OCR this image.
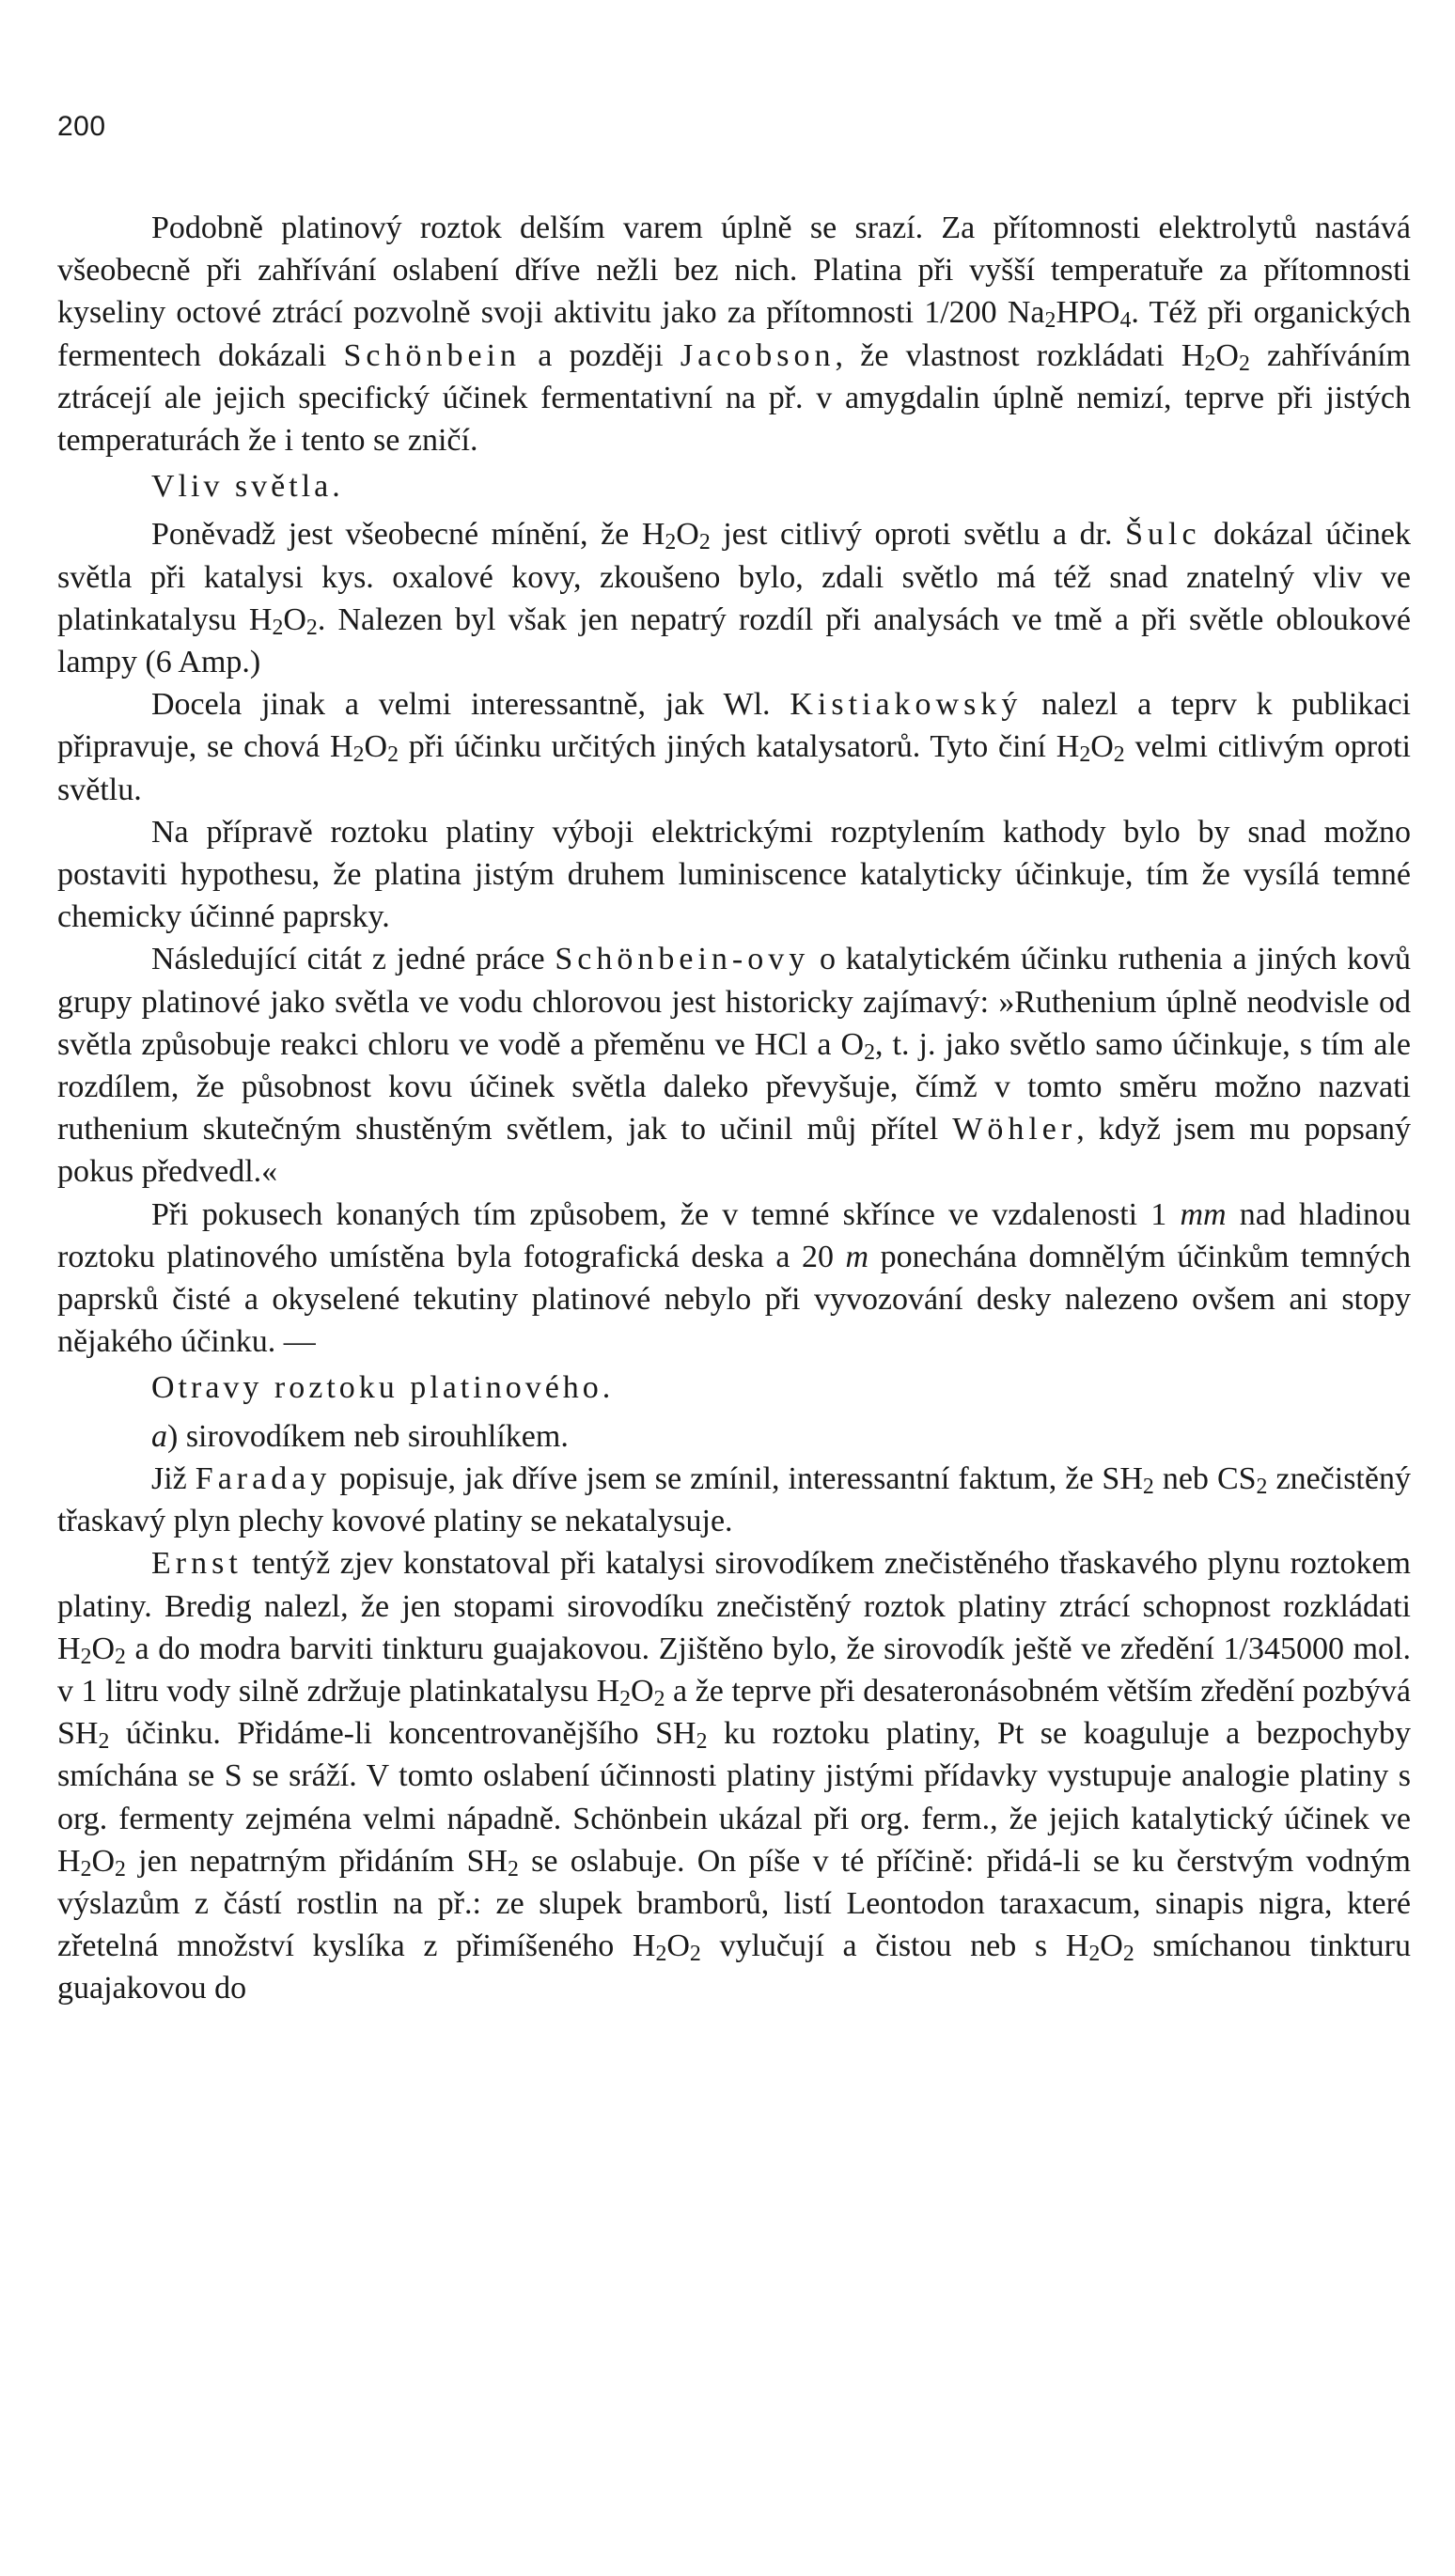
200

Podobně platinový roztok delším varem úplně se srazí. Za přítomnosti elektrolytů nastává všeobecně při zahřívání oslabení dříve nežli bez nich. Platina při vyšší temperatuře za přítomnosti kyseliny octové ztrácí pozvolně svoji aktivitu jako za přítomnosti 1/200 $Na_2HPO_4$. Též při organických fermentech dokázali Schönbein a později Jacobson, že vlastnost rozkládati $H_2O_2$ zahříváním ztrácejí ale jejich specifický účinek fermentativní na př. v amygdalin úplně nemizí, teprve při jistých temperaturách že i tento se zničí.

Vliv světla.

Poněvadž jest všeobecné mínění, že $H_2O_2$ jest citlivý oproti světlu a dr. Šulc dokázal účinek světla při katalysi kys. oxalové kovy, zkoušeno bylo, zdali světlo má též snad znatelný vliv ve platinkatalysu $H_2O_2$. Nalezen byl však jen nepatrý rozdíl při analysách ve tmě a při světle obloukové lampy (6 Amp.)

Docela jinak a velmi interessantně, jak Wl. Kistiakowský nalezl a teprv k publikaci připravuje, se chová $H_2O_2$ při účinku určitých jiných katalysatorů. Tyto činí $H_2O_2$ velmi citlivým oproti světlu.

Na přípravě roztoku platiny výboji elektrickými rozptylením kathody bylo by snad možno postaviti hypothesu, že platina jistým druhem luminiscence katalyticky účinkuje, tím že vysílá temné chemicky účinné paprsky.

Následující citát z jedné práce Schönbein-ovy o katalytickém účinku ruthenia a jiných kovů grupy platinové jako světla ve vodu chlorovou jest historicky zajímavý: »Ruthenium úplně neodvisle od světla způsobuje reakci chloru ve vodě a přeměnu ve HCl a $O_2$, t. j. jako světlo samo účinkuje, s tím ale rozdílem, že působnost kovu účinek světla daleko převyšuje, čímž v tomto směru možno nazvati ruthenium skutečným shustěným světlem, jak to učinil můj přítel Wöhler, když jsem mu popsaný pokus předvedl.«

Při pokusech konaných tím způsobem, že v temné skřínce ve vzdalenosti 1 mm nad hladinou roztoku platinového umístěna byla fotografická deska a 20 m ponechána domnělým účinkům temných paprsků čisté a okyselené tekutiny platinové nebylo při vyvozování desky nalezeno ovšem ani stopy nějakého účinku. —

Otravy roztoku platinového.

a) sirovodíkem neb sirouhlíkem.

Již Faraday popisuje, jak dříve jsem se zmínil, interessantní faktum, že $SH_2$ neb $CS_2$ znečistěný třaskavý plyn plechy kovové platiny se nekatalysuje.

Ernst tentýž zjev konstatoval při katalysi sirovodíkem znečistěného třaskavého plynu roztokem platiny. Bredig nalezl, že jen stopami sirovodíku znečistěný roztok platiny ztrácí schopnost rozkládati $H_2O_2$ a do modra barviti tinkturu guajakovou. Zjištěno bylo, že sirovodík ještě ve zředění 1/345000 mol. v 1 litru vody silně zdržuje platinkatalysu $H_2O_2$ a že teprve při desateronásobném větším zředění pozbývá $SH_2$ účinku. Přidáme-li koncentrovanějšího $SH_2$ ku roztoku platiny, Pt se koaguluje a bezpochyby smíchána se S se sráží. V tomto oslabení účinnosti platiny jistými přídavky vystupuje analogie platiny s org. fermenty zejména velmi nápadně. Schönbein ukázal při org. ferm., že jejich katalytický účinek ve $H_2O_2$ jen nepatrným přidáním $SH_2$ se oslabuje. On píše v té příčině: přidá-li se ku čerstvým vodným výslazům z částí rostlin na př.: ze slupek bramborů, listí Leontodon taraxacum, sinapis nigra, které zřetelná množství kyslíka z přimíšeného $H_2O_2$ vylučují a čistou neb s $H_2O_2$ smíchanou tinkturu guajakovou do
